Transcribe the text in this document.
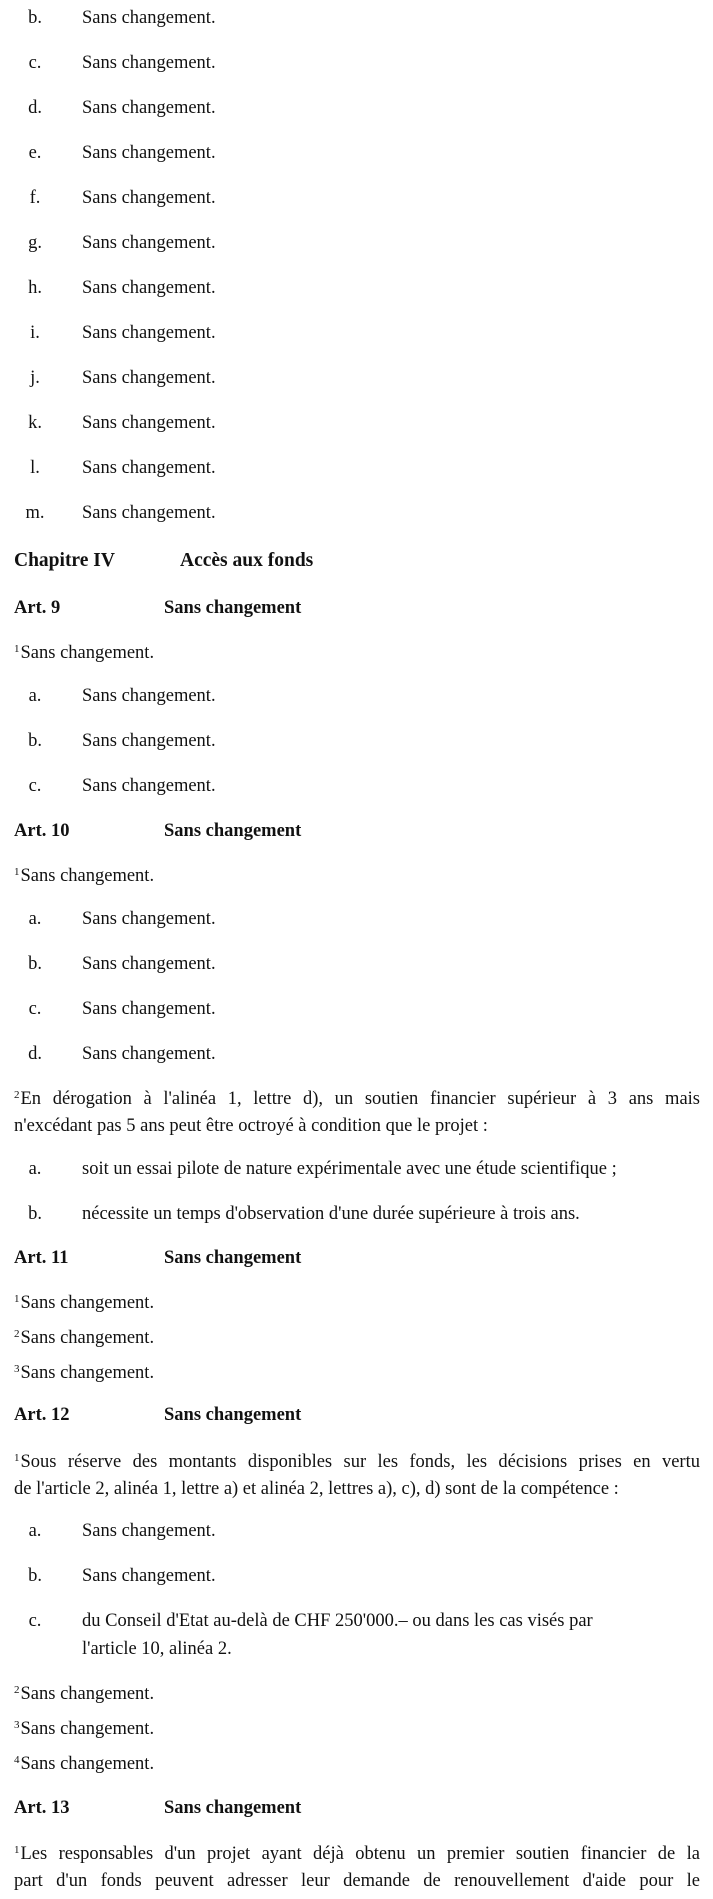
b.	Sans changement.
c.	Sans changement.
d.	Sans changement.
e.	Sans changement.
f.	Sans changement.
g.	Sans changement.
h.	Sans changement.
i.	Sans changement.
j.	Sans changement.
k.	Sans changement.
l.	Sans changement.
m.	Sans changement.
Chapitre IV	Accès aux fonds
Art. 9	Sans changement
$^1$Sans changement.
a.	Sans changement.
b.	Sans changement.
c.	Sans changement.
Art. 10	Sans changement
$^1$Sans changement.
a.	Sans changement.
b.	Sans changement.
c.	Sans changement.
d.	Sans changement.
$^2$En dérogation à l'alinéa 1, lettre d), un soutien financier supérieur à 3 ans mais
n'excédant pas 5 ans peut être octroyé à condition que le projet :
a.	soit un essai pilote de nature expérimentale avec une étude scientifique ;
b.	nécessite un temps d'observation d'une durée supérieure à trois ans.
Art. 11	Sans changement
$^1$Sans changement.
$^2$Sans changement.
$^3$Sans changement.
Art. 12	Sans changement
$^1$Sous réserve des montants disponibles sur les fonds, les décisions prises en vertu
de l'article 2, alinéa 1, lettre a) et alinéa 2, lettres a), c), d) sont de la compétence :
a.	Sans changement.
b.	Sans changement.
c.	du Conseil d'Etat au-delà de CHF 250'000.– ou dans les cas visés par
l'article 10, alinéa 2.
$^2$Sans changement.
$^3$Sans changement.
$^4$Sans changement.
Art. 13	Sans changement
$^1$Les responsables d'un projet ayant déjà obtenu un premier soutien financier de la
part d'un fonds peuvent adresser leur demande de renouvellement d'aide pour le
